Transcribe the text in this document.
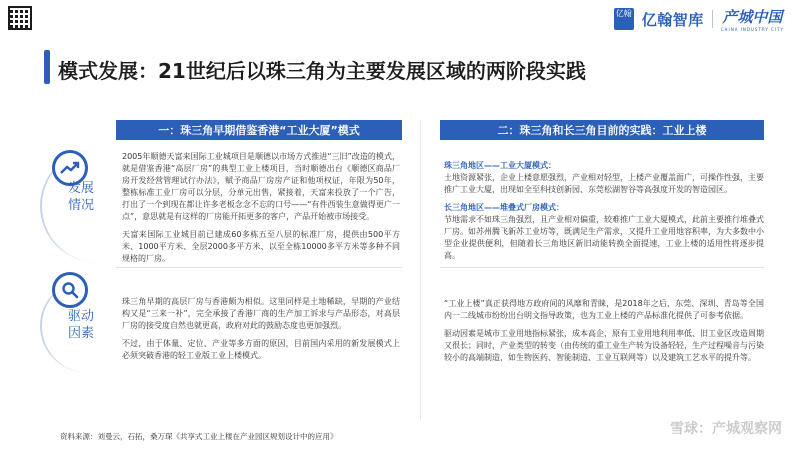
亿翰 亿翰智库 产城中国
CHINA INDUSTRY CITY
模式发展：21世纪后以珠三角为主要发展区域的两阶段实践
一：珠三角早期借鉴香港“工业大厦”模式	二：珠三角和长三角目前的实践：工业上楼
发展情况

2005年顺德天富来国际工业城项目是顺德以市场方式推进“三旧”改造的模式，就是借鉴香港“高层厂房”的典型工业上楼项目，当时顺德出台《顺德区商品厂房开发经营管理试行办法》，赋予商品厂房房产证和他项权证，年限为50年，整栋标准工业厂房可以分层，分单元出售，紧接着，天富来投放了一个广告，打出了一个到现在都让许多老板念念不忘的口号——“有件西装生意做得更广一点”，意思就是有这样的厂房能开拓更多的客户，产品开始被市场接受。

天富来国际工业城目前已建成60多栋五至八层的标准厂房，提供由500平方米、1000平方米、全层2000多平方米、以至全栋10000多平方米等多种不同规格的厂房。

驱动因素

珠三角早期的高层厂房与香港颇为相似。这里同样是土地稀缺，早期的产业结构又是“三来一补”，完全承接了香港厂商的生产加工诉求与产品形态，对高层厂房的接受度自然也就更高，政府对此的鼓励态度也更加强烈。

不过，由于体量、定位、产业等多方面的原因，目前国内采用的新发展模式上必须突破香港的轻工业版工业上楼模式。

珠三角地区——工业大厦模式：

土地资源紧张，企业上楼意愿强烈，产业相对轻型，上楼产业覆盖面广，可操作性强，主要推广工业大厦，出现如全至科技创新园、东莞松湖智谷等高强度开发的智造园区。

长三角地区——堆叠式厂房模式：

节地需求不如珠三角强烈，且产业相对偏重，较难推广工业大厦模式，此前主要推行堆叠式厂房。如苏州腾飞新苏工业坊等，既满足生产需求，又提升工业用地容积率，为大多数中小型企业提供便利，但随着长三角地区新旧动能转换全面提速，工业上楼的适用性将逐步提高。

“工业上楼”真正获得地方政府间的风靡和青睐，是2018年之后，东莞、深圳、青岛等全国内一二线城市纷纷出台明文指导政策，也为工业上楼的产品标准化提供了可参考依据。

驱动因素是城市工业用地指标紧张，成本高企，原有工业用地利用率低、旧工业区改造周期又很长；同时，产业类型的转变（由传统的重工业生产转为设备轻轻，生产过程噪音与污染较小的高端制造，如生物医药、智能制造、工业互联网等）以及建筑工艺水平的提升等。

资料来源：刘曼云，石拓，桑万琛《共享式工业上楼在产业园区规划设计中的应用》	雪球：产城观察网
